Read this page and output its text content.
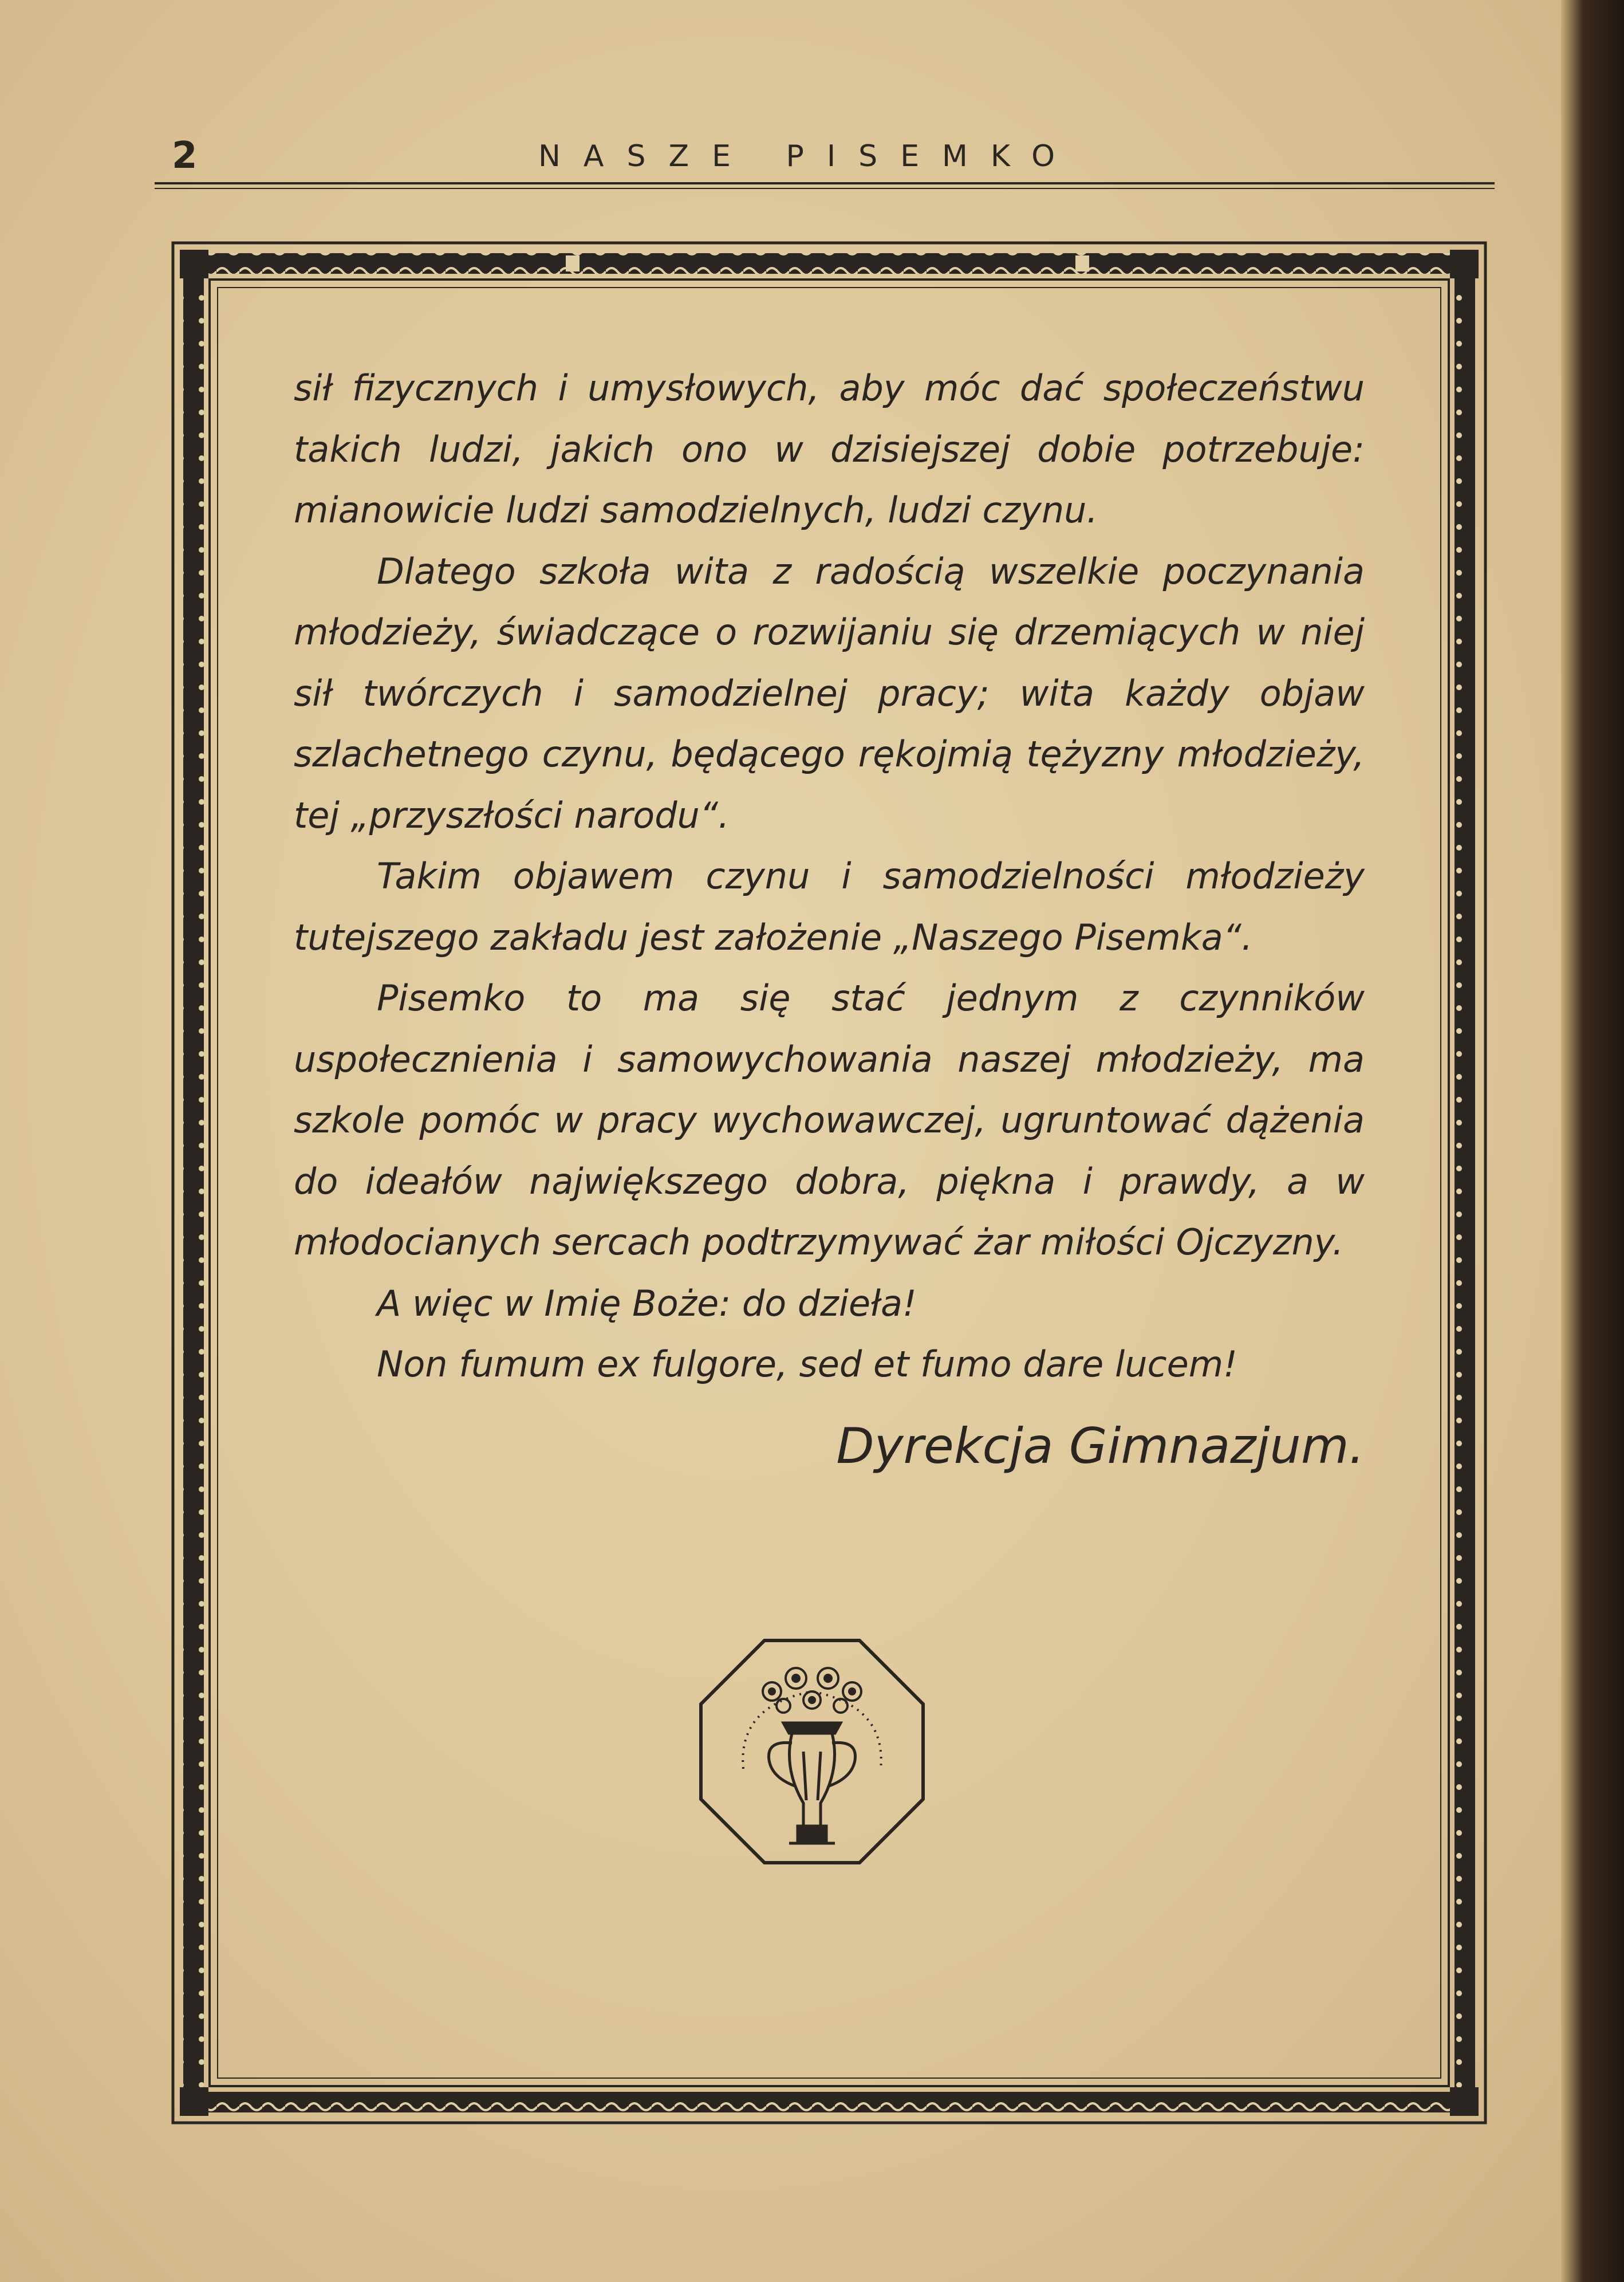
2	NASZE PISEMKO

sił fizycznych i umysłowych, aby móc dać społeczeństwu takich ludzi, jakich ono w dzisiejszej dobie potrzebuje: mianowicie ludzi samodzielnych, ludzi czynu.

Dlatego szkoła wita z radością wszelkie poczynania młodzieży, świadczące o rozwijaniu się drzemiących w niej sił twórczych i samodzielnej pracy; wita każdy objaw szlachetnego czynu, będącego rękojmią tężyzny młodzieży, tej „przyszłości narodu“.

Takim objawem czynu i samodzielności młodzieży tutejszego zakładu jest założenie „Naszego Pisemka“.

Pisemko to ma się stać jednym z czynników uspołecznienia i samowychowania naszej młodzieży, ma szkole pomóc w pracy wychowawczej, ugruntować dążenia do ideałów największego dobra, piękna i prawdy, a w młodocianych sercach podtrzymywać żar miłości Ojczyzny.

A więc w Imię Boże: do dzieła!

Non fumum ex fulgore, sed et fumo dare lucem!

Dyrekcja Gimnazjum.
